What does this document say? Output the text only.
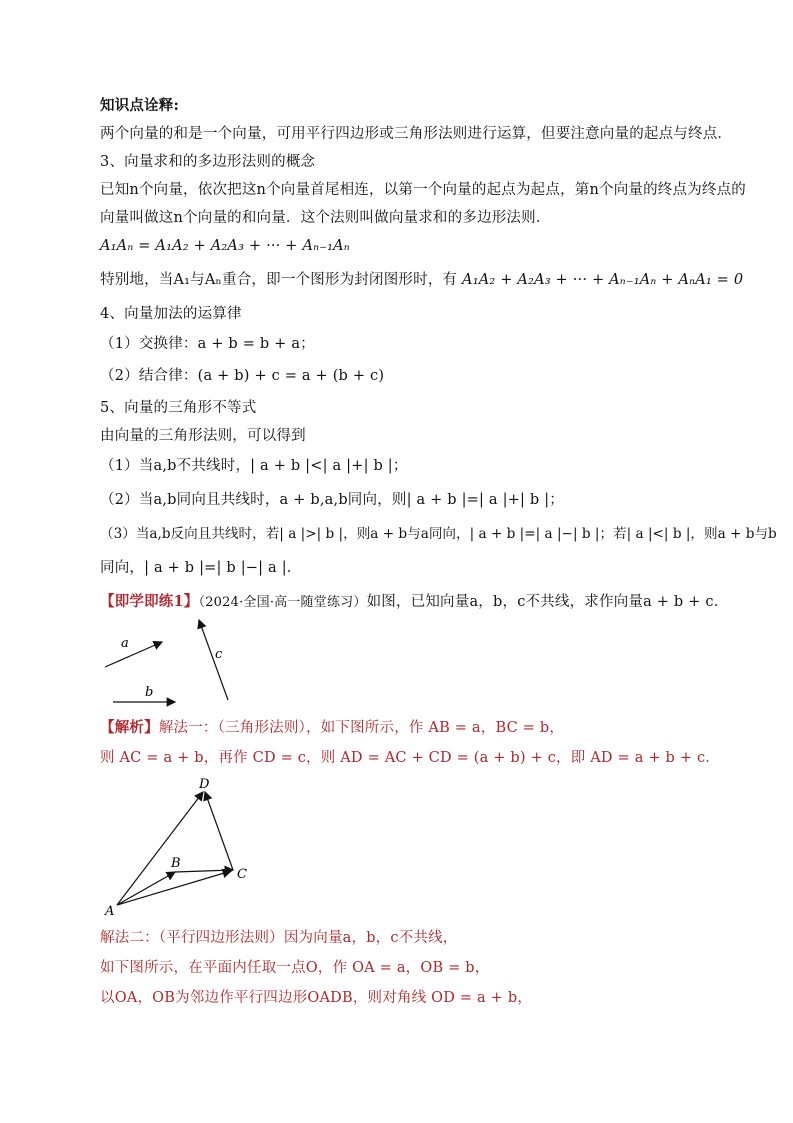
知识点诠释:
两个向量的和是一个向量，可用平行四边形或三角形法则进行运算，但要注意向量的起点与终点．
3、向量求和的多边形法则的概念
已知n个向量，依次把这n个向量首尾相连，以第一个向量的起点为起点，第n个向量的终点为终点的
向量叫做这n个向量的和向量．这个法则叫做向量求和的多边形法则．
A₁Aₙ = A₁A₂ + A₂A₃ + ··· + Aₙ₋₁Aₙ
特别地，当A₁与Aₙ重合，即一个图形为封闭图形时，有 A₁A₂ + A₂A₃ + ··· + Aₙ₋₁Aₙ + AₙA₁ = 0
4、向量加法的运算律
（1）交换律：a + b = b + a；
（2）结合律：(a + b) + c = a + (b + c)
5、向量的三角形不等式
由向量的三角形法则，可以得到
（1）当a,b不共线时，| a + b |<| a |+| b |；
（2）当a,b同向且共线时，a + b,a,b同向，则| a + b |=| a |+| b |；
（3）当a,b反向且共线时，若| a |>| b |，则a + b与a同向，| a + b |=| a |−| b |；若| a |<| b |，则a + b与b
同向，| a + b |=| b |−| a |．
【即学即练1】（2024·全国·高一随堂练习）如图，已知向量a，b，c不共线，求作向量a + b + c．
a
b
c
【解析】解法一：（三角形法则），如下图所示，作 AB = a，BC = b，
则 AC = a + b，再作 CD = c，则 AD = AC + CD = (a + b) + c，即 AD = a + b + c．
A
B
C
D
解法二：（平行四边形法则）因为向量a，b，c不共线，
如下图所示，在平面内任取一点O，作 OA = a，OB = b，
以OA，OB为邻边作平行四边形OADB，则对角线 OD = a + b，
